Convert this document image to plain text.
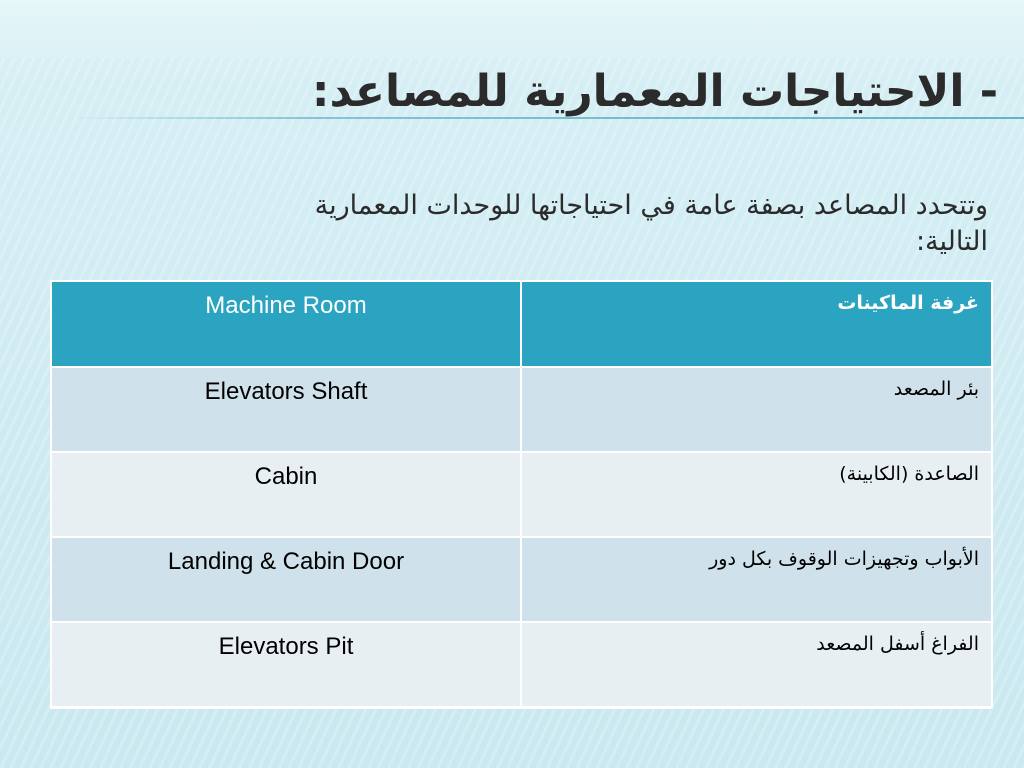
- الاحتياجات المعمارية للمصاعد:
وتتحدد المصاعد بصفة عامة في احتياجاتها للوحدات المعمارية التالية:
Machine Room	غرفة الماكينات
Elevators Shaft	بئر المصعد
Cabin	الصاعدة (الكابينة)
Landing & Cabin Door	الأبواب وتجهيزات الوقوف بكل دور
Elevators Pit	الفراغ أسفل المصعد
